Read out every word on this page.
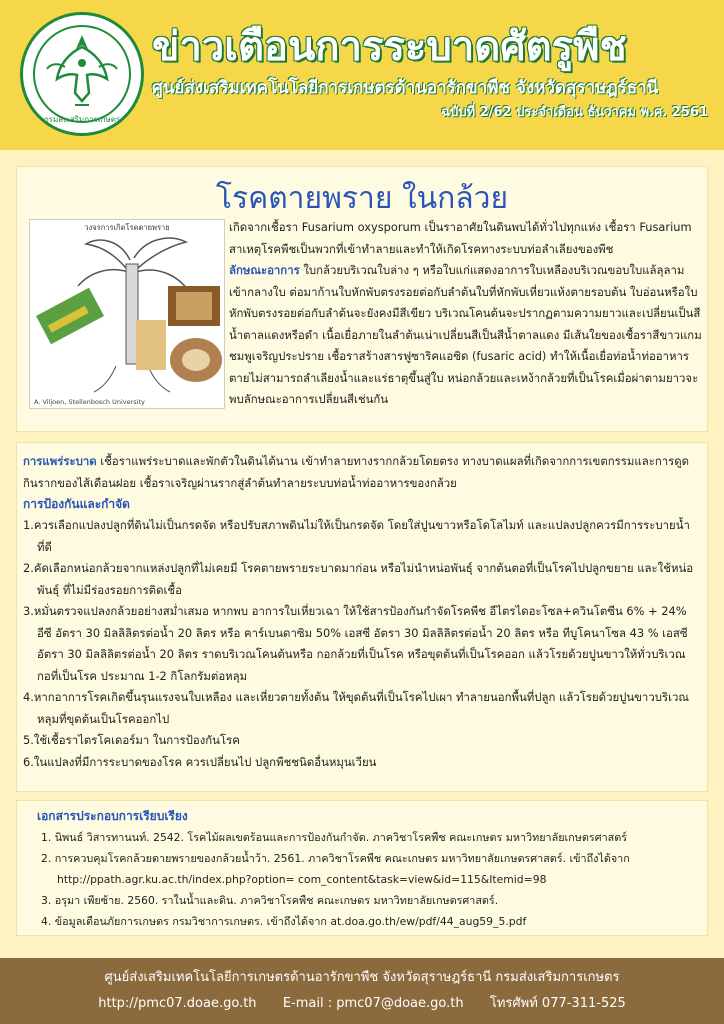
กรมส่งเสริมการเกษตร
ข่าวเตือนการระบาดศัตรูพืช
ศูนย์ส่งเสริมเทคโนโลยีการเกษตรด้านอารักขาพืช จังหวัดสุราษฎร์ธานี
ฉบับที่ 2/62 ประจำเดือน ธันวาคม พ.ศ. 2561
โรคตายพราย ในกล้วย
วงจรการเกิดโรคตายพราย
A. Viljoen, Stellenbosch University

เกิดจากเชื้อรา Fusarium oxysporum เป็นราอาศัยในดินพบได้ทั่วไปทุกแห่ง เชื้อรา Fusarium สาเหตุโรคพืชเป็นพวกที่เข้าทำลายและทำให้เกิดโรคทางระบบท่อลำเลียงของพืช

ลักษณะอาการ ใบกล้วยบริเวณใบล่าง ๆ หรือใบแก่แสดงอาการใบเหลืองบริเวณขอบใบแล้ลุลาม เข้ากลางใบ ต่อมาก้านใบหักพับตรงรอยต่อกับลำต้นใบที่หักพับเหี่ยวแห้งตายรอบต้น ใบอ่อนหรือใบหักพับตรงรอยต่อกับลำต้นจะยังคงมีสีเขียว บริเวณโคนต้นจะปรากฏตามความยาวและเปลี่ยนเป็นสีน้ำตาลแดงหรือดำ เนื้อเยื่อภายในลำต้นเน่าเปลี่ยนสีเป็นสีน้ำตาลแดง มีเส้นใยของเชื้อราสีขาวแกมชมพูเจริญประปราย เชื้อราสร้างสารฟูซาริคแอซิด (fusaric acid) ทำให้เนื้อเยื่อท่อน้ำท่ออาหารตายไม่สามารถลำเลียงน้ำและแร่ธาตุขึ้นสู่ใบ หน่อกล้วยและเหง้ากล้วยที่เป็นโรคเมื่อผ่าตามยาวจะพบลักษณะอาการเปลี่ยนสีเช่นกัน

การแพร่ระบาด เชื้อราแพร่ระบาดและพักตัวในดินได้นาน เข้าทำลายทางรากกล้วยโดยตรง ทางบาดแผลที่เกิดจากการเขตกรรมและการดูดกินรากของไส้เดือนฝอย เชื้อราเจริญผ่านรากสู่ลำต้นทำลายระบบท่อน้ำท่ออาหารของกล้วย

การป้องกันและกำจัด

1.ควรเลือกแปลงปลูกที่ดินไม่เป็นกรดจัด หรือปรับสภาพดินไม่ให้เป็นกรดจัด โดยใส่ปูนขาวหรือโดโลไมท์ และแปลงปลูกควรมีการระบายน้ำที่ดี

2.คัดเลือกหน่อกล้วยจากแหล่งปลูกที่ไม่เคยมี โรคตายพรายระบาดมาก่อน หรือไม่นำหน่อพันธุ์ จากต้นตอที่เป็นโรคไปปลูกขยาย และใช้หน่อพันธุ์ ที่ไม่มีร่องรอยการติดเชื้อ

3.หมั่นตรวจแปลงกล้วยอย่างสม่ำเสมอ หากพบ อาการใบเหี่ยวเฉา ให้ใช้สารป้องกันกำจัดโรคพืช อีไตรไดอะโซล+ควินโตซีน 6% + 24% อีซี อัตรา 30 มิลลิลิตรต่อน้ำ 20 ลิตร หรือ คาร์เบนดาซิม 50% เอสซี อัตรา 30 มิลลิลิตรต่อน้ำ 20 ลิตร หรือ ทีบูโคนาโซล 43 % เอสซี อัตรา 30 มิลลิลิตรต่อน้ำ 20 ลิตร ราดบริเวณโคนต้นหรือ กอกล้วยที่เป็นโรค หรือขุดต้นที่เป็นโรคออก แล้วโรยด้วยปูนขาวให้ทั่วบริเวณกอที่เป็นโรค ประมาณ 1-2 กิโลกรัมต่อหลุม

4.หากอาการโรคเกิดขึ้นรุนแรงจนใบเหลือง และเหี่ยวตายทั้งต้น ให้ขุดต้นที่เป็นโรคไปเผา ทำลายนอกพื้นที่ปลูก แล้วโรยด้วยปูนขาวบริเวณหลุมที่ขุดต้นเป็นโรคออกไป

5.ใช้เชื้อราไตรโคเดอร์มา ในการป้องกันโรค

6.ในแปลงที่มีการระบาดของโรค ควรเปลี่ยนไป ปลูกพืชชนิดอื่นหมุนเวียน

เอกสารประกอบการเรียบเรียง

1. นิพนธ์ วิสารทานนท์. 2542. โรคไม้ผลเขตร้อนและการป้องกันกำจัด. ภาควิชาโรคพืช คณะเกษตร มหาวิทยาลัยเกษตรศาสตร์

2. การควบคุมโรคกล้วยตายพรายของกล้วยน้ำว้า. 2561. ภาควิชาโรคพืช คณะเกษตร มหาวิทยาลัยเกษตรศาสตร์. เข้าถึงได้จาก http://ppath.agr.ku.ac.th/index.php?option= com_content&task=view&id=115&Itemid=98

3. อรุมา เพียซ้าย. 2560. ราในน้ำและดิน. ภาควิชาโรคพืช คณะเกษตร มหาวิทยาลัยเกษตรศาสตร์.

4. ข้อมูลเตือนภัยการเกษตร กรมวิชาการเกษตร. เข้าถึงได้จาก at.doa.go.th/ew/pdf/44_aug59_5.pdf

ศูนย์ส่งเสริมเทคโนโลยีการเกษตรด้านอารักขาพืช จังหวัดสุราษฎร์ธานี กรมส่งเสริมการเกษตร
http://pmc07.doae.go.th E-mail : pmc07@doae.go.th โทรศัพท์ 077-311-525
